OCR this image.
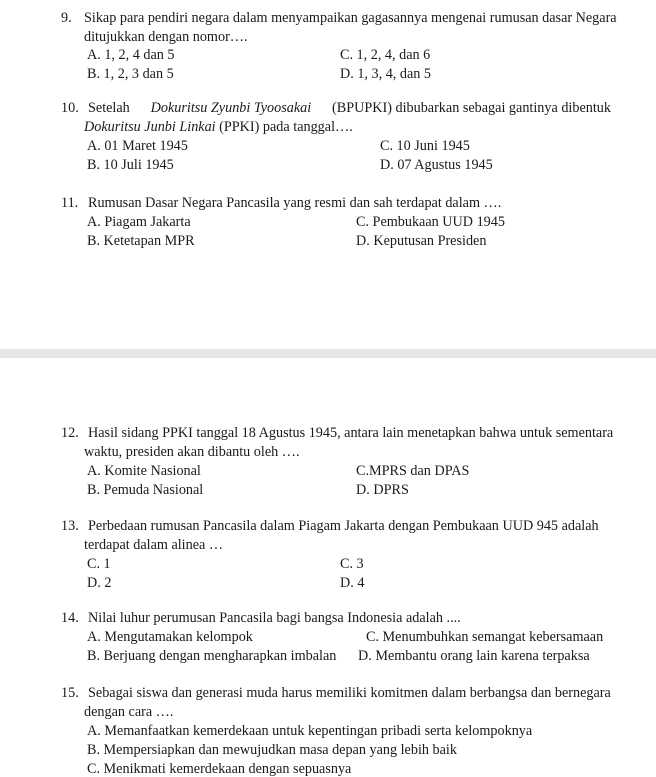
9. Sikap para pendiri negara dalam menyampaikan gagasannya mengenai rumusan dasar Negara
ditujukkan dengan nomor….
A. 1, 2, 4 dan 5	C. 1, 2, 4, dan 6
B. 1, 2, 3 dan 5	D. 1, 3, 4, dan 5
10. Setelah Dokuritsu Zyunbi Tyoosakai (BPUPKI) dibubarkan sebagai gantinya dibentuk
Dokuritsu Junbi Linkai (PPKI) pada tanggal….
A. 01 Maret 1945	C. 10 Juni 1945
B. 10 Juli 1945	D. 07 Agustus 1945
11. Rumusan Dasar Negara Pancasila yang resmi dan sah terdapat dalam ….
A. Piagam Jakarta	C. Pembukaan UUD 1945
B. Ketetapan MPR	D. Keputusan Presiden
12. Hasil sidang PPKI tanggal 18 Agustus 1945, antara lain menetapkan bahwa untuk sementara
waktu, presiden akan dibantu oleh ….
A. Komite Nasional	C.MPRS dan DPAS
B. Pemuda Nasional	D. DPRS
13. Perbedaan rumusan Pancasila dalam Piagam Jakarta dengan Pembukaan UUD 945 adalah
terdapat dalam alinea …
C. 1	C. 3
D. 2	D. 4
14. Nilai luhur perumusan Pancasila bagi bangsa Indonesia adalah ....
A. Mengutamakan kelompok	C. Menumbuhkan semangat kebersamaan
B. Berjuang dengan mengharapkan imbalan D. Membantu orang lain karena terpaksa
15. Sebagai siswa dan generasi muda harus memiliki komitmen dalam berbangsa dan bernegara
dengan cara ….
A. Memanfaatkan kemerdekaan untuk kepentingan pribadi serta kelompoknya
B. Mempersiapkan dan mewujudkan masa depan yang lebih baik
C. Menikmati kemerdekaan dengan sepuasnya
